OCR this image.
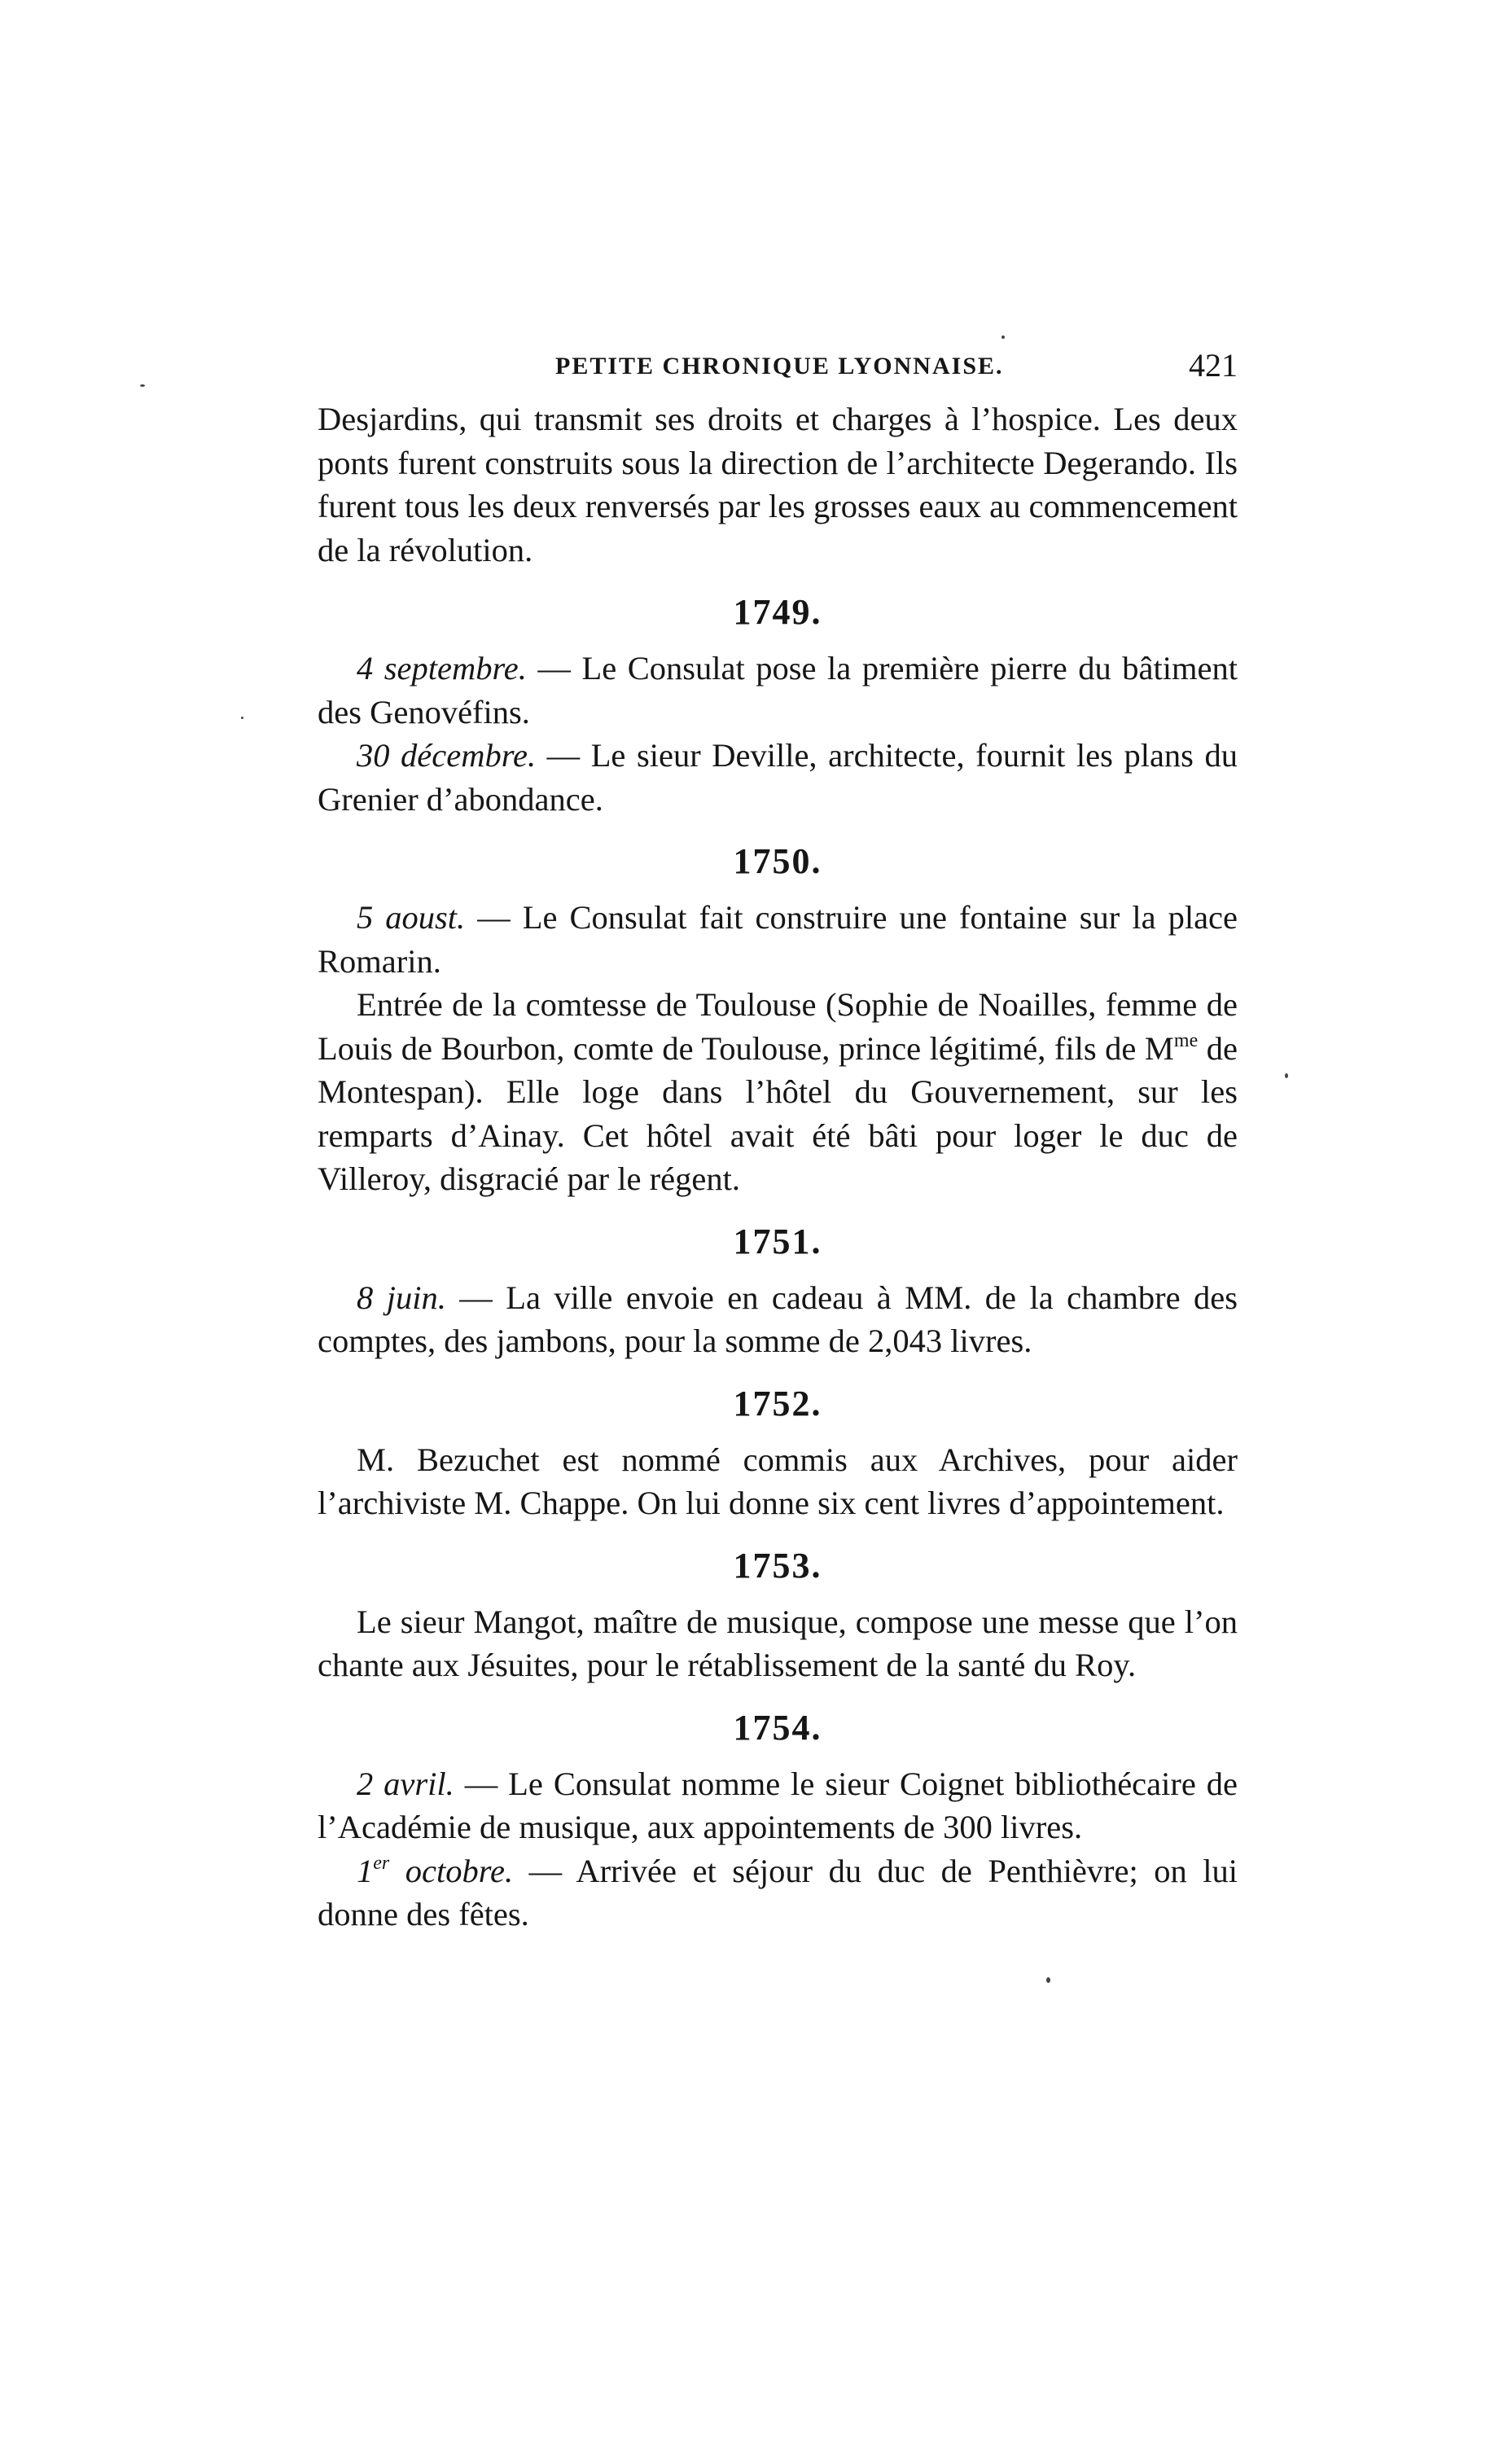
PETITE CHRONIQUE LYONNAISE.	421

Desjardins, qui transmit ses droits et charges à l’hospice. Les deux ponts furent construits sous la direction de l’architecte Degerando. Ils furent tous les deux renversés par les grosses eaux au commencement de la révolution.

1749.

4 septembre. — Le Consulat pose la première pierre du bâtiment des Genovéfins.

30 décembre. — Le sieur Deville, architecte, fournit les plans du Grenier d’abondance.

1750.

5 aoust. — Le Consulat fait construire une fontaine sur la place Romarin.

Entrée de la comtesse de Toulouse (Sophie de Noailles, femme de Louis de Bourbon, comte de Toulouse, prince légitimé, fils de $M^{me}$ de Montespan). Elle loge dans l’hôtel du Gouvernement, sur les remparts d’Ainay. Cet hôtel avait été bâti pour loger le duc de Villeroy, disgracié par le régent.

1751.

8 juin. — La ville envoie en cadeau à MM. de la chambre des comptes, des jambons, pour la somme de 2,043 livres.

1752.

M. Bezuchet est nommé commis aux Archives, pour aider l’archiviste M. Chappe. On lui donne six cent livres d’appointement.

1753.

Le sieur Mangot, maître de musique, compose une messe que l’on chante aux Jésuites, pour le rétablissement de la santé du Roy.

1754.

2 avril. — Le Consulat nomme le sieur Coignet bibliothécaire de l’Académie de musique, aux appointements de 300 livres.

1er octobre. — Arrivée et séjour du duc de Penthièvre; on lui donne des fêtes.
